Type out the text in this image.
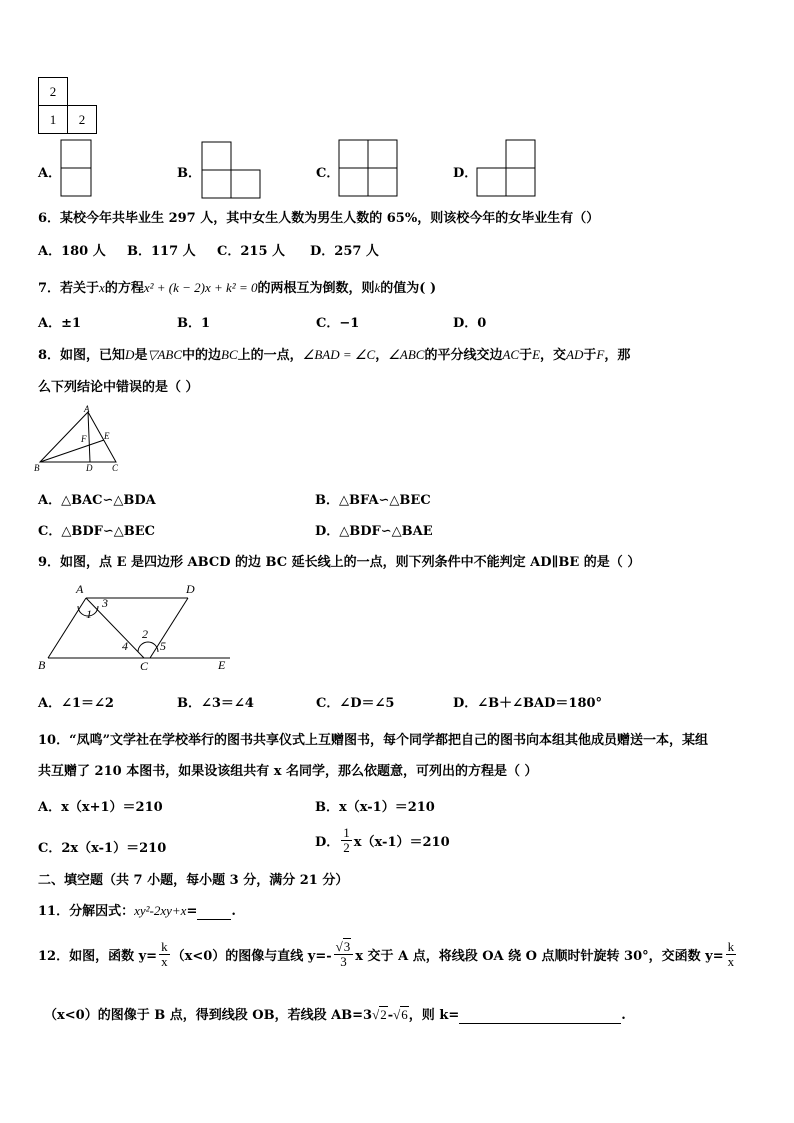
2
1	2
A．	B．	C．	D．
6．某校今年共毕业生 297 人，其中女生人数为男生人数的 65%，则该校今年的女毕业生有（）
A．180 人 B．117 人 C．215 人 D．257 人
7．若关于x的方程x² + (k − 2)x + k² = 0的两根互为倒数，则k的值为( )
A．±1	B．1	C．−1	D．0
8．如图，已知D是▽ABC中的边BC上的一点，∠BAD = ∠C，∠ABC的平分线交边AC于E，交AD于F，那
么下列结论中错误的是（ ）
A
B	C
D
E
F
A．△BAC∽△BDA	B．△BFA∽△BEC
C．△BDF∽△BEC	D．△BDF∽△BAE
9．如图，点 E 是四边形 ABCD 的边 BC 延长线上的一点，则下列条件中不能判定 AD∥BE 的是（ ）
A	D
B	C	E
1
3
2
4	5
A．∠1＝∠2	B．∠3＝∠4	C．∠D＝∠5	D．∠B＋∠BAD＝180°
10．“凤鸣”文学社在学校举行的图书共享仪式上互赠图书，每个同学都把自己的图书向本组其他成员赠送一本，某组
共互赠了 210 本图书，如果设该组共有 x 名同学，那么依题意，可列出的方程是（ ）
A．x（x+1）＝210	B．x（x-1）＝210
C．2x（x-1）＝210	D． $\frac{1}{2} x(x-1)=210$
二、填空题（共 7 小题，每小题 3 分，满分 21 分）
11．分解因式：xy²-2xy+x=	.
12．如图，函数 $y= \frac{k}{x} (x<0)$的图像与直线 $y=- \frac{√3}{3}$ x 交于 A 点，将线段 OA 绕 O 点顺时针旋转 30°，交函数 $y= \frac{k}{x}$
（x<0）的图像于 B 点，得到线段 OB，若线段 AB=3√2-√6，则 k=	.
